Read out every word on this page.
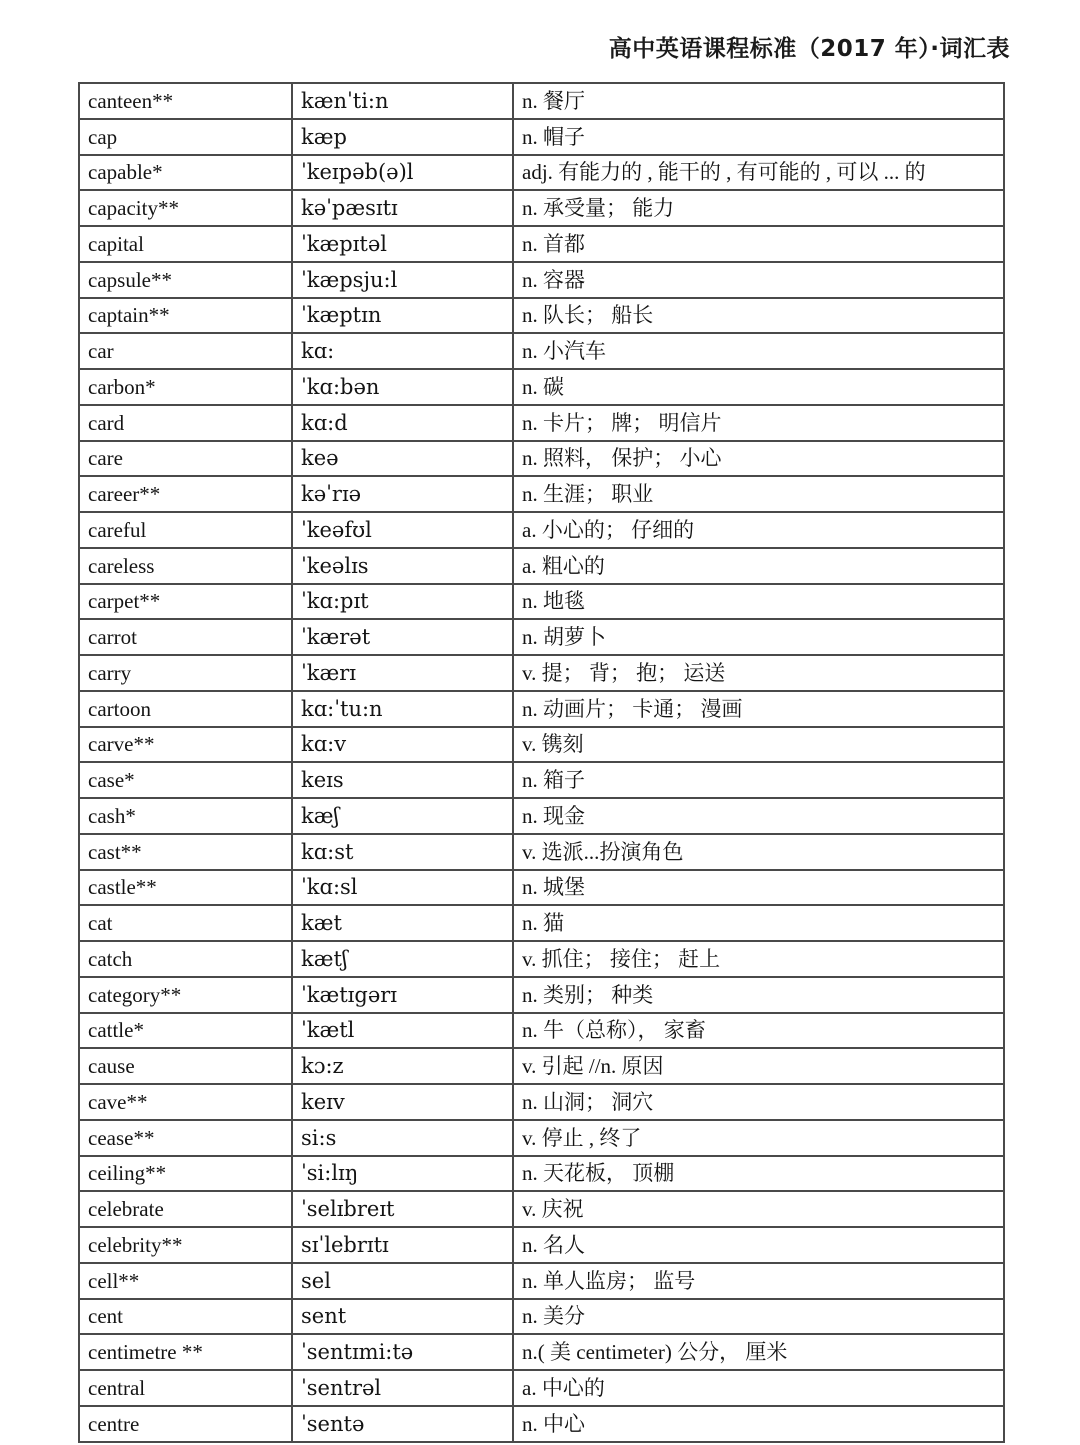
高中英语课程标准（2017 年）·词汇表
canteen**	kænˈti:n	n. 餐厅
cap	kæp	n. 帽子
capable*	ˈkeɪpəb(ə)l	adj. 有能力的 , 能干的 , 有可能的 , 可以 ... 的
capacity**	kəˈpæsɪtɪ	n. 承受量； 能力
capital	ˈkæpɪtəl	n. 首都
capsule**	ˈkæpsju:l	n. 容器
captain**	ˈkæptɪn	n. 队长； 船长
car	kɑ:	n. 小汽车
carbon*	ˈkɑ:bən	n. 碳
card	kɑ:d	n. 卡片； 牌； 明信片
care	keə	n. 照料， 保护； 小心
career**	kəˈrɪə	n. 生涯； 职业
careful	ˈkeəfʊl	a. 小心的； 仔细的
careless	ˈkeəlɪs	a. 粗心的
carpet**	ˈkɑ:pɪt	n. 地毯
carrot	ˈkærət	n. 胡萝卜
carry	ˈkærɪ	v. 提； 背； 抱； 运送
cartoon	kɑ:ˈtu:n	n. 动画片； 卡通； 漫画
carve**	kɑ:v	v. 镌刻
case*	keɪs	n. 箱子
cash*	kæʃ	n. 现金
cast**	kɑ:st	v. 选派...扮演角色
castle**	ˈkɑ:sl	n. 城堡
cat	kæt	n. 猫
catch	kætʃ	v. 抓住； 接住； 赶上
category**	ˈkætɪgərɪ	n. 类别； 种类
cattle*	ˈkætl	n. 牛（总称）， 家畜
cause	kɔ:z	v. 引起 //n. 原因
cave**	keɪv	n. 山洞； 洞穴
cease**	si:s	v. 停止 , 终了
ceiling**	ˈsi:lɪŋ	n. 天花板， 顶棚
celebrate	ˈselɪbreɪt	v. 庆祝
celebrity**	sɪˈlebrɪtɪ	n. 名人
cell**	sel	n. 单人监房； 监号
cent	sent	n. 美分
centimetre **	ˈsentɪmi:tə	n.( 美 centimeter) 公分， 厘米
central	ˈsentrəl	a. 中心的
centre	ˈsentə	n. 中心
